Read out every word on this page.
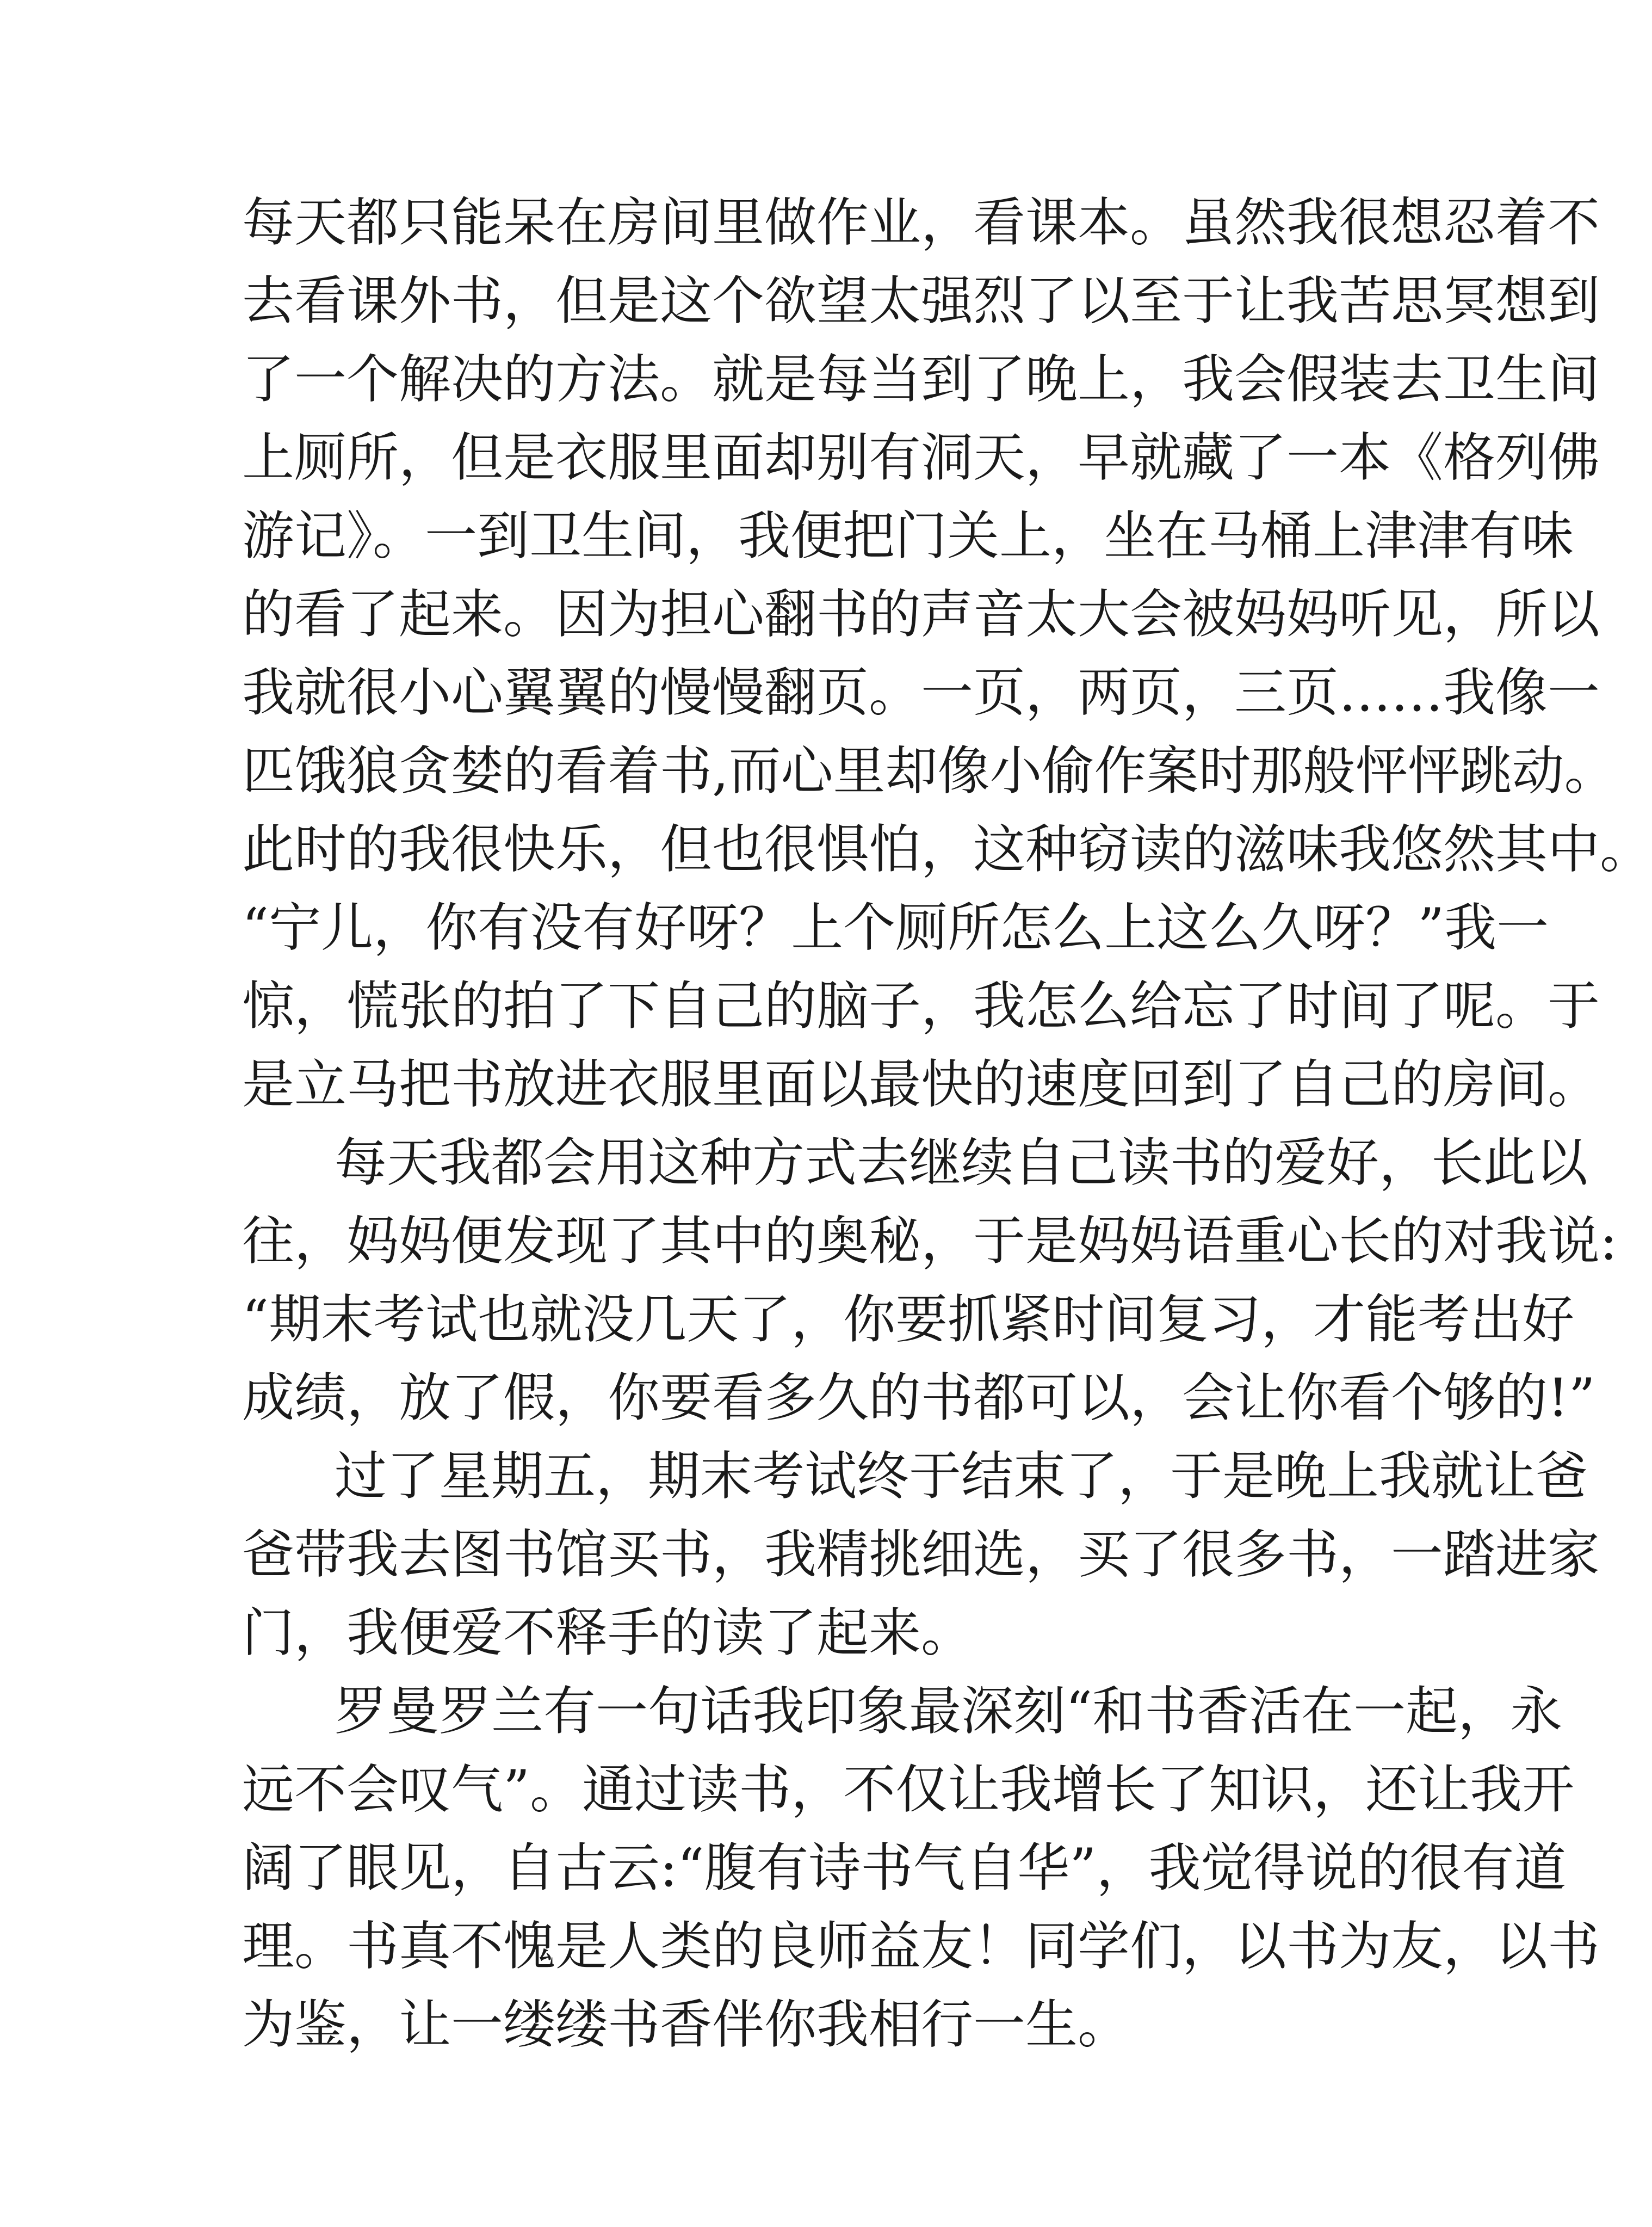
每天都只能呆在房间里做作业，看课本。虽然我很想忍着不
去看课外书，但是这个欲望太强烈了以至于让我苦思冥想到
了一个解决的方法。就是每当到了晚上，我会假装去卫生间
上厕所，但是衣服里面却别有洞天，早就藏了一本《格列佛
游记》。一到卫生间，我便把门关上，坐在马桶上津津有味
的看了起来。因为担心翻书的声音太大会被妈妈听见，所以
我就很小心翼翼的慢慢翻页。一页，两页，三页……我像一
匹饿狼贪婪的看着书,而心里却像小偷作案时那般怦怦跳动。
此时的我很快乐，但也很惧怕，这种窃读的滋味我悠然其中。
“宁儿，你有没有好呀？上个厕所怎么上这么久呀？”我一
惊，慌张的拍了下自己的脑子，我怎么给忘了时间了呢。于
是立马把书放进衣服里面以最快的速度回到了自己的房间。
每天我都会用这种方式去继续自己读书的爱好，长此以
往，妈妈便发现了其中的奥秘，于是妈妈语重心长的对我说:
“期末考试也就没几天了，你要抓紧时间复习，才能考出好
成绩，放了假，你要看多久的书都可以，会让你看个够的!”
过了星期五，期末考试终于结束了，于是晚上我就让爸
爸带我去图书馆买书，我精挑细选，买了很多书，一踏进家
门，我便爱不释手的读了起来。
罗曼罗兰有一句话我印象最深刻“和书香活在一起，永
远不会叹气”。通过读书，不仅让我增长了知识，还让我开
阔了眼见，自古云:“腹有诗书气自华”，我觉得说的很有道
理。书真不愧是人类的良师益友！同学们，以书为友，以书
为鉴，让一缕缕书香伴你我相行一生。
